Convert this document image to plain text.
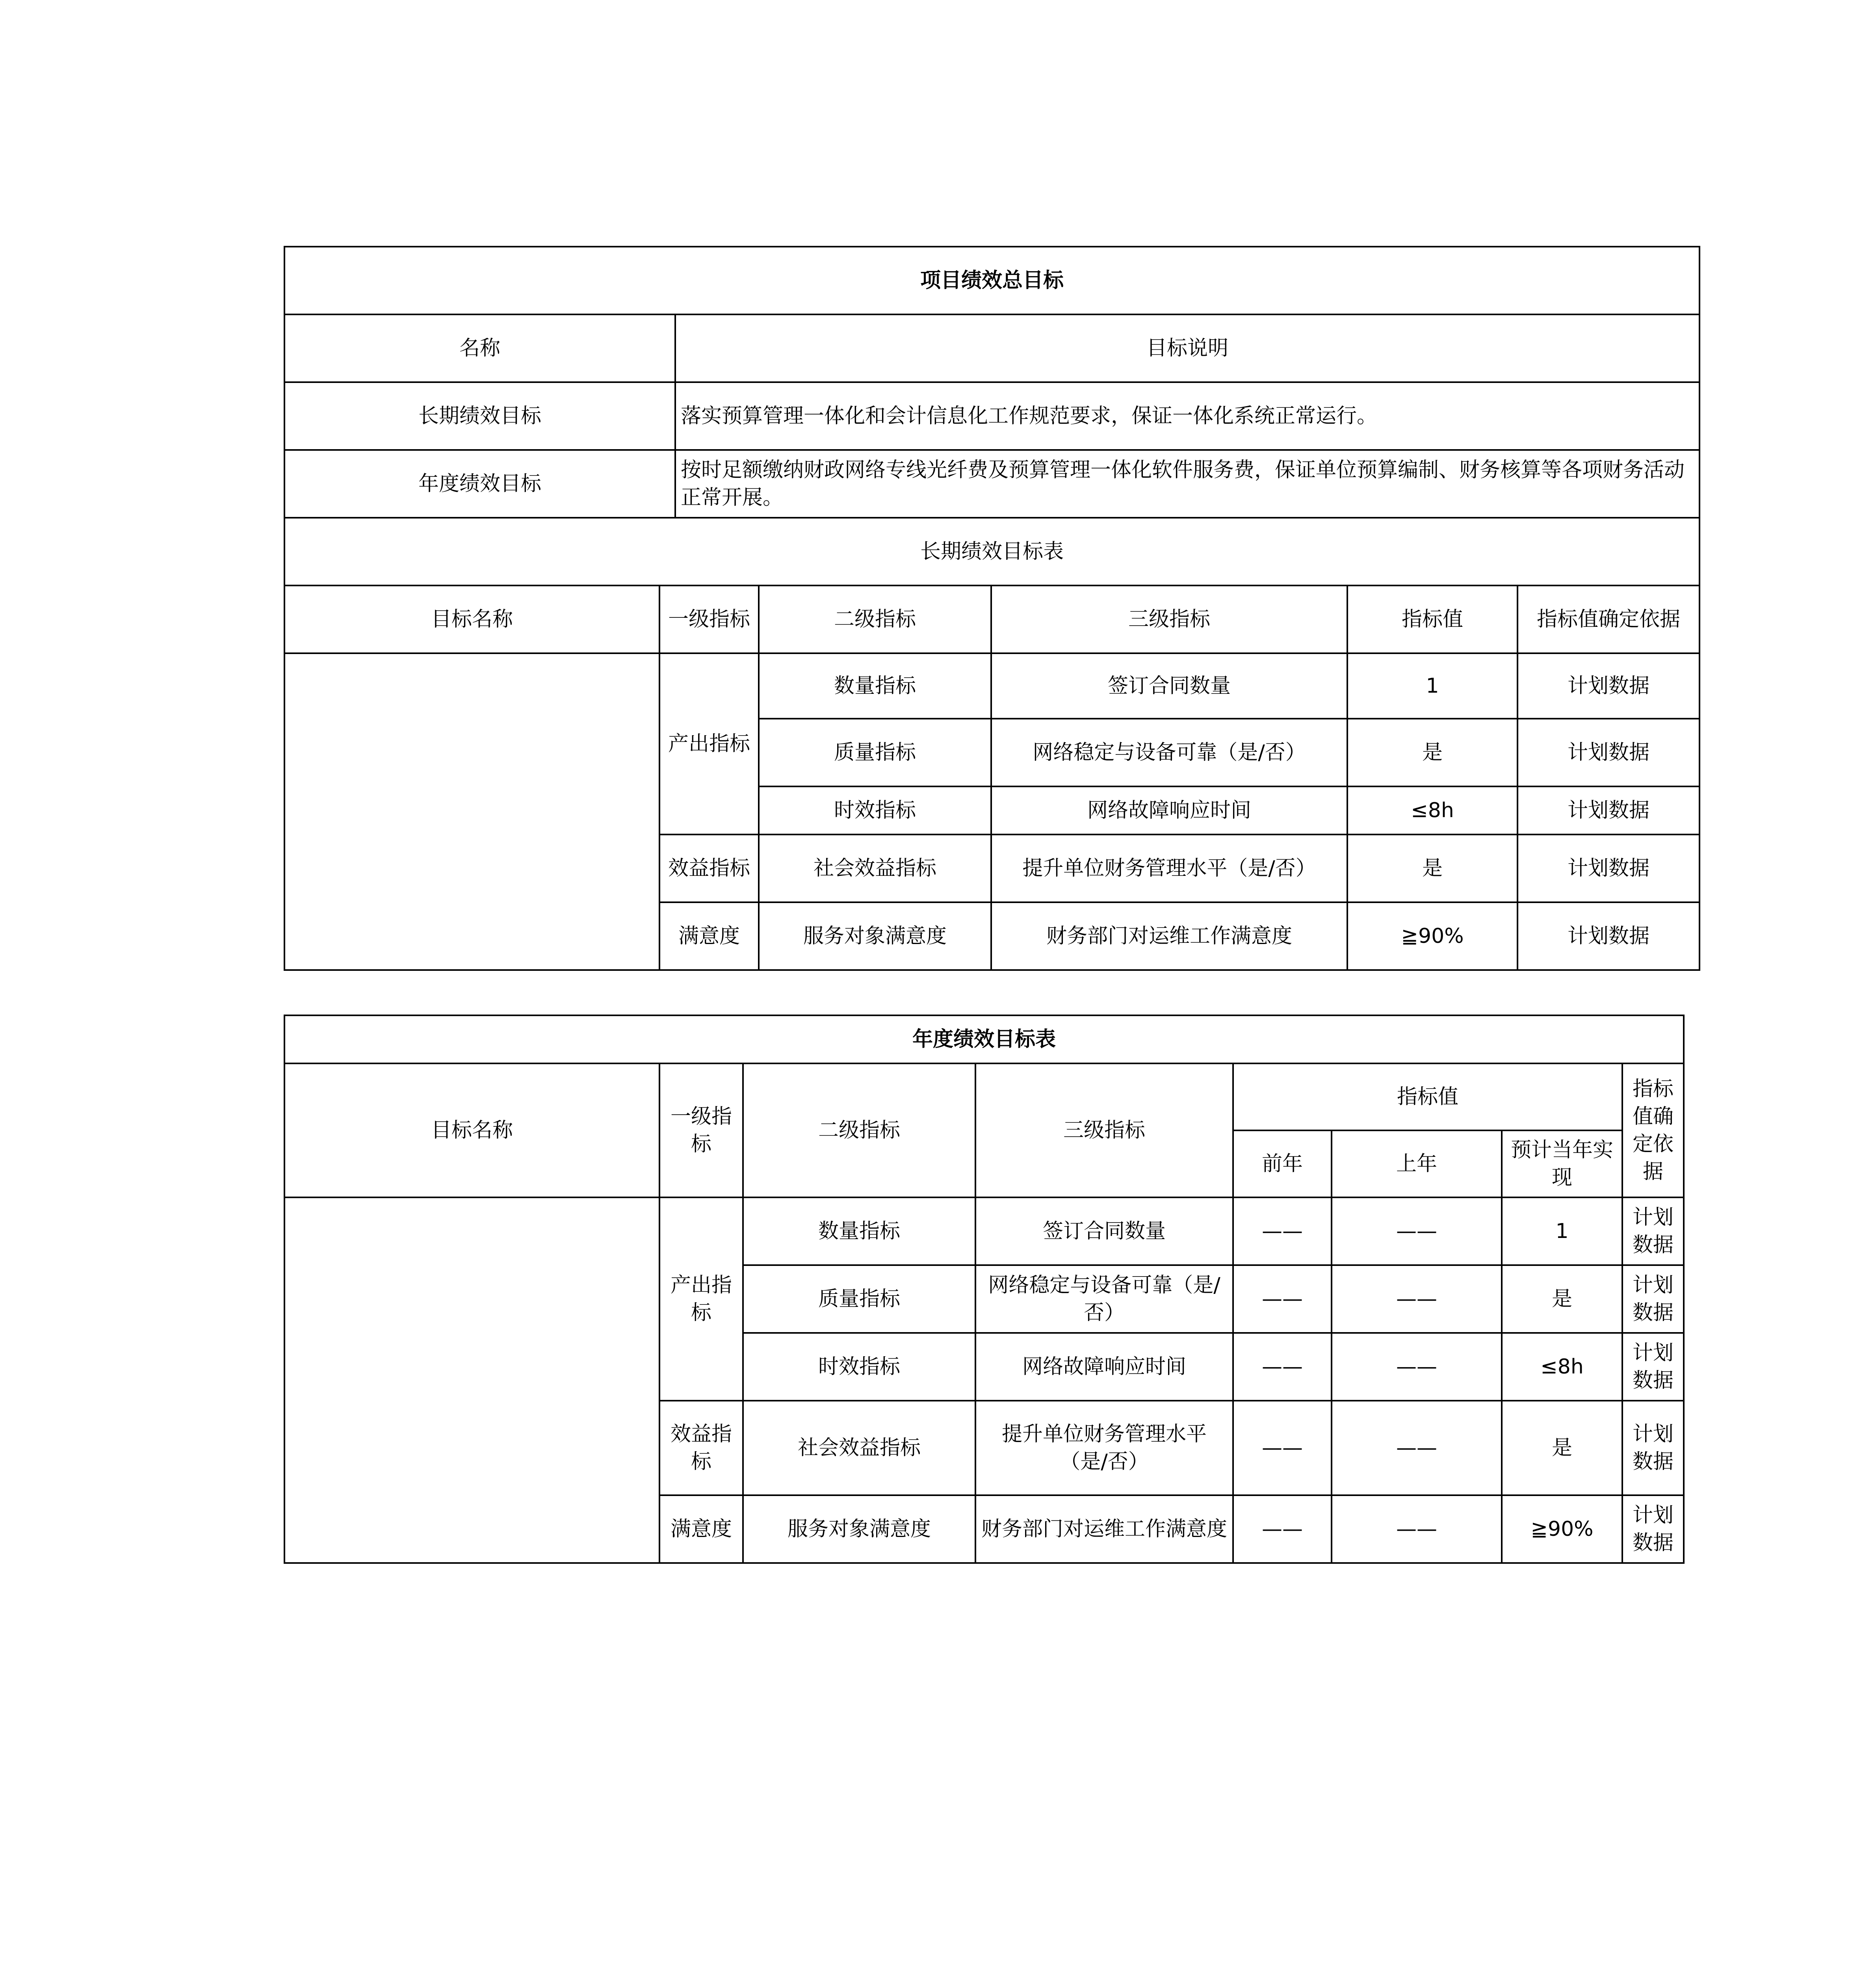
项目绩效总目标						
名称		目标说明				
长期绩效目标		落实预算管理一体化和会计信息化工作规范要求，保证一体化系统正常运行。				
年度绩效目标		按时足额缴纳财政网络专线光纤费及预算管理一体化软件服务费，保证单位预算编制、财务核算等各项财务活动正常开展。				
长期绩效目标表						
目标名称	一级指标		二级指标	三级指标	指标值	指标值确定依据
	产出指标		数量指标	签订合同数量	1	计划数据
			质量指标	网络稳定与设备可靠（是/否）	是	计划数据
			时效指标	网络故障响应时间	≤8h	计划数据
	效益指标		社会效益指标	提升单位财务管理水平（是/否）	是	计划数据
	满意度		服务对象满意度	财务部门对运维工作满意度	≧90%	计划数据
年度绩效目标表							
目标名称	一级指标	二级指标	三级指标	指标值			指标值确定依据
				前年	上年	预计当年实现	
	产出指标	数量指标	签订合同数量	——	——	1	计划数据
		质量指标	网络稳定与设备可靠（是/否）	——	——	是	计划数据
		时效指标	网络故障响应时间	——	——	≤8h	计划数据
	效益指标	社会效益指标	提升单位财务管理水平（是/否）	——	——	是	计划数据
	满意度	服务对象满意度	财务部门对运维工作满意度	——	——	≧90%	计划数据
